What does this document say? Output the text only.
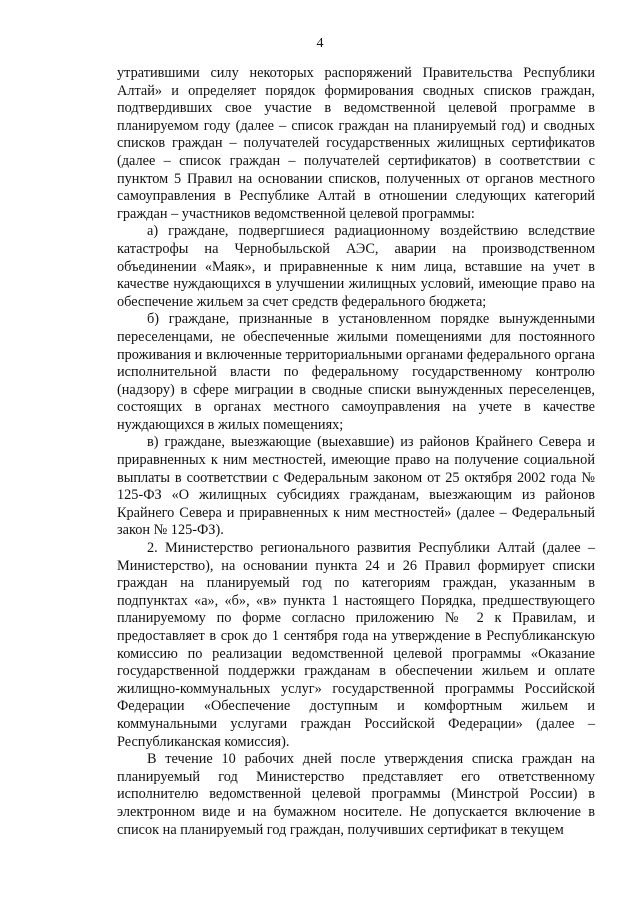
4

утратившими силу некоторых распоряжений Правительства Республики Алтай» и определяет порядок формирования сводных списков граждан, подтвердивших свое участие в ведомственной целевой программе в планируемом году (далее – список граждан на планируемый год) и сводных списков граждан – получателей государственных жилищных сертификатов (далее – список граждан – получателей сертификатов) в соответствии с пунктом 5 Правил на основании списков, полученных от органов местного самоуправления в Республике Алтай в отношении следующих категорий граждан – участников ведомственной целевой программы:

а) граждане, подвергшиеся радиационному воздействию вследствие катастрофы на Чернобыльской АЭС, аварии на производственном объединении «Маяк», и приравненные к ним лица, вставшие на учет в качестве нуждающихся в улучшении жилищных условий, имеющие право на обеспечение жильем за счет средств федерального бюджета;

б) граждане, признанные в установленном порядке вынужденными переселенцами, не обеспеченные жилыми помещениями для постоянного проживания и включенные территориальными органами федерального органа исполнительной власти по федеральному государственному контролю (надзору) в сфере миграции в сводные списки вынужденных переселенцев, состоящих в органах местного самоуправления на учете в качестве нуждающихся в жилых помещениях;

в) граждане, выезжающие (выехавшие) из районов Крайнего Севера и приравненных к ним местностей, имеющие право на получение социальной выплаты в соответствии с Федеральным законом от 25 октября 2002 года № 125-ФЗ «О жилищных субсидиях гражданам, выезжающим из районов Крайнего Севера и приравненных к ним местностей» (далее – Федеральный закон № 125-ФЗ).

2. Министерство регионального развития Республики Алтай (далее – Министерство), на основании пункта 24 и 26 Правил формирует списки граждан на планируемый год по категориям граждан, указанным в подпунктах «а», «б», «в» пункта 1 настоящего Порядка, предшествующего планируемому по форме согласно приложению № 2 к Правилам, и предоставляет в срок до 1 сентября года на утверждение в Республиканскую комиссию по реализации ведомственной целевой программы «Оказание государственной поддержки гражданам в обеспечении жильем и оплате жилищно-коммунальных услуг» государственной программы Российской Федерации «Обеспечение доступным и комфортным жильем и коммунальными услугами граждан Российской Федерации» (далее – Республиканская комиссия).

В течение 10 рабочих дней после утверждения списка граждан на планируемый год Министерство представляет его ответственному исполнителю ведомственной целевой программы (Минстрой России) в электронном виде и на бумажном носителе. Не допускается включение в список на планируемый год граждан, получивших сертификат в текущем
